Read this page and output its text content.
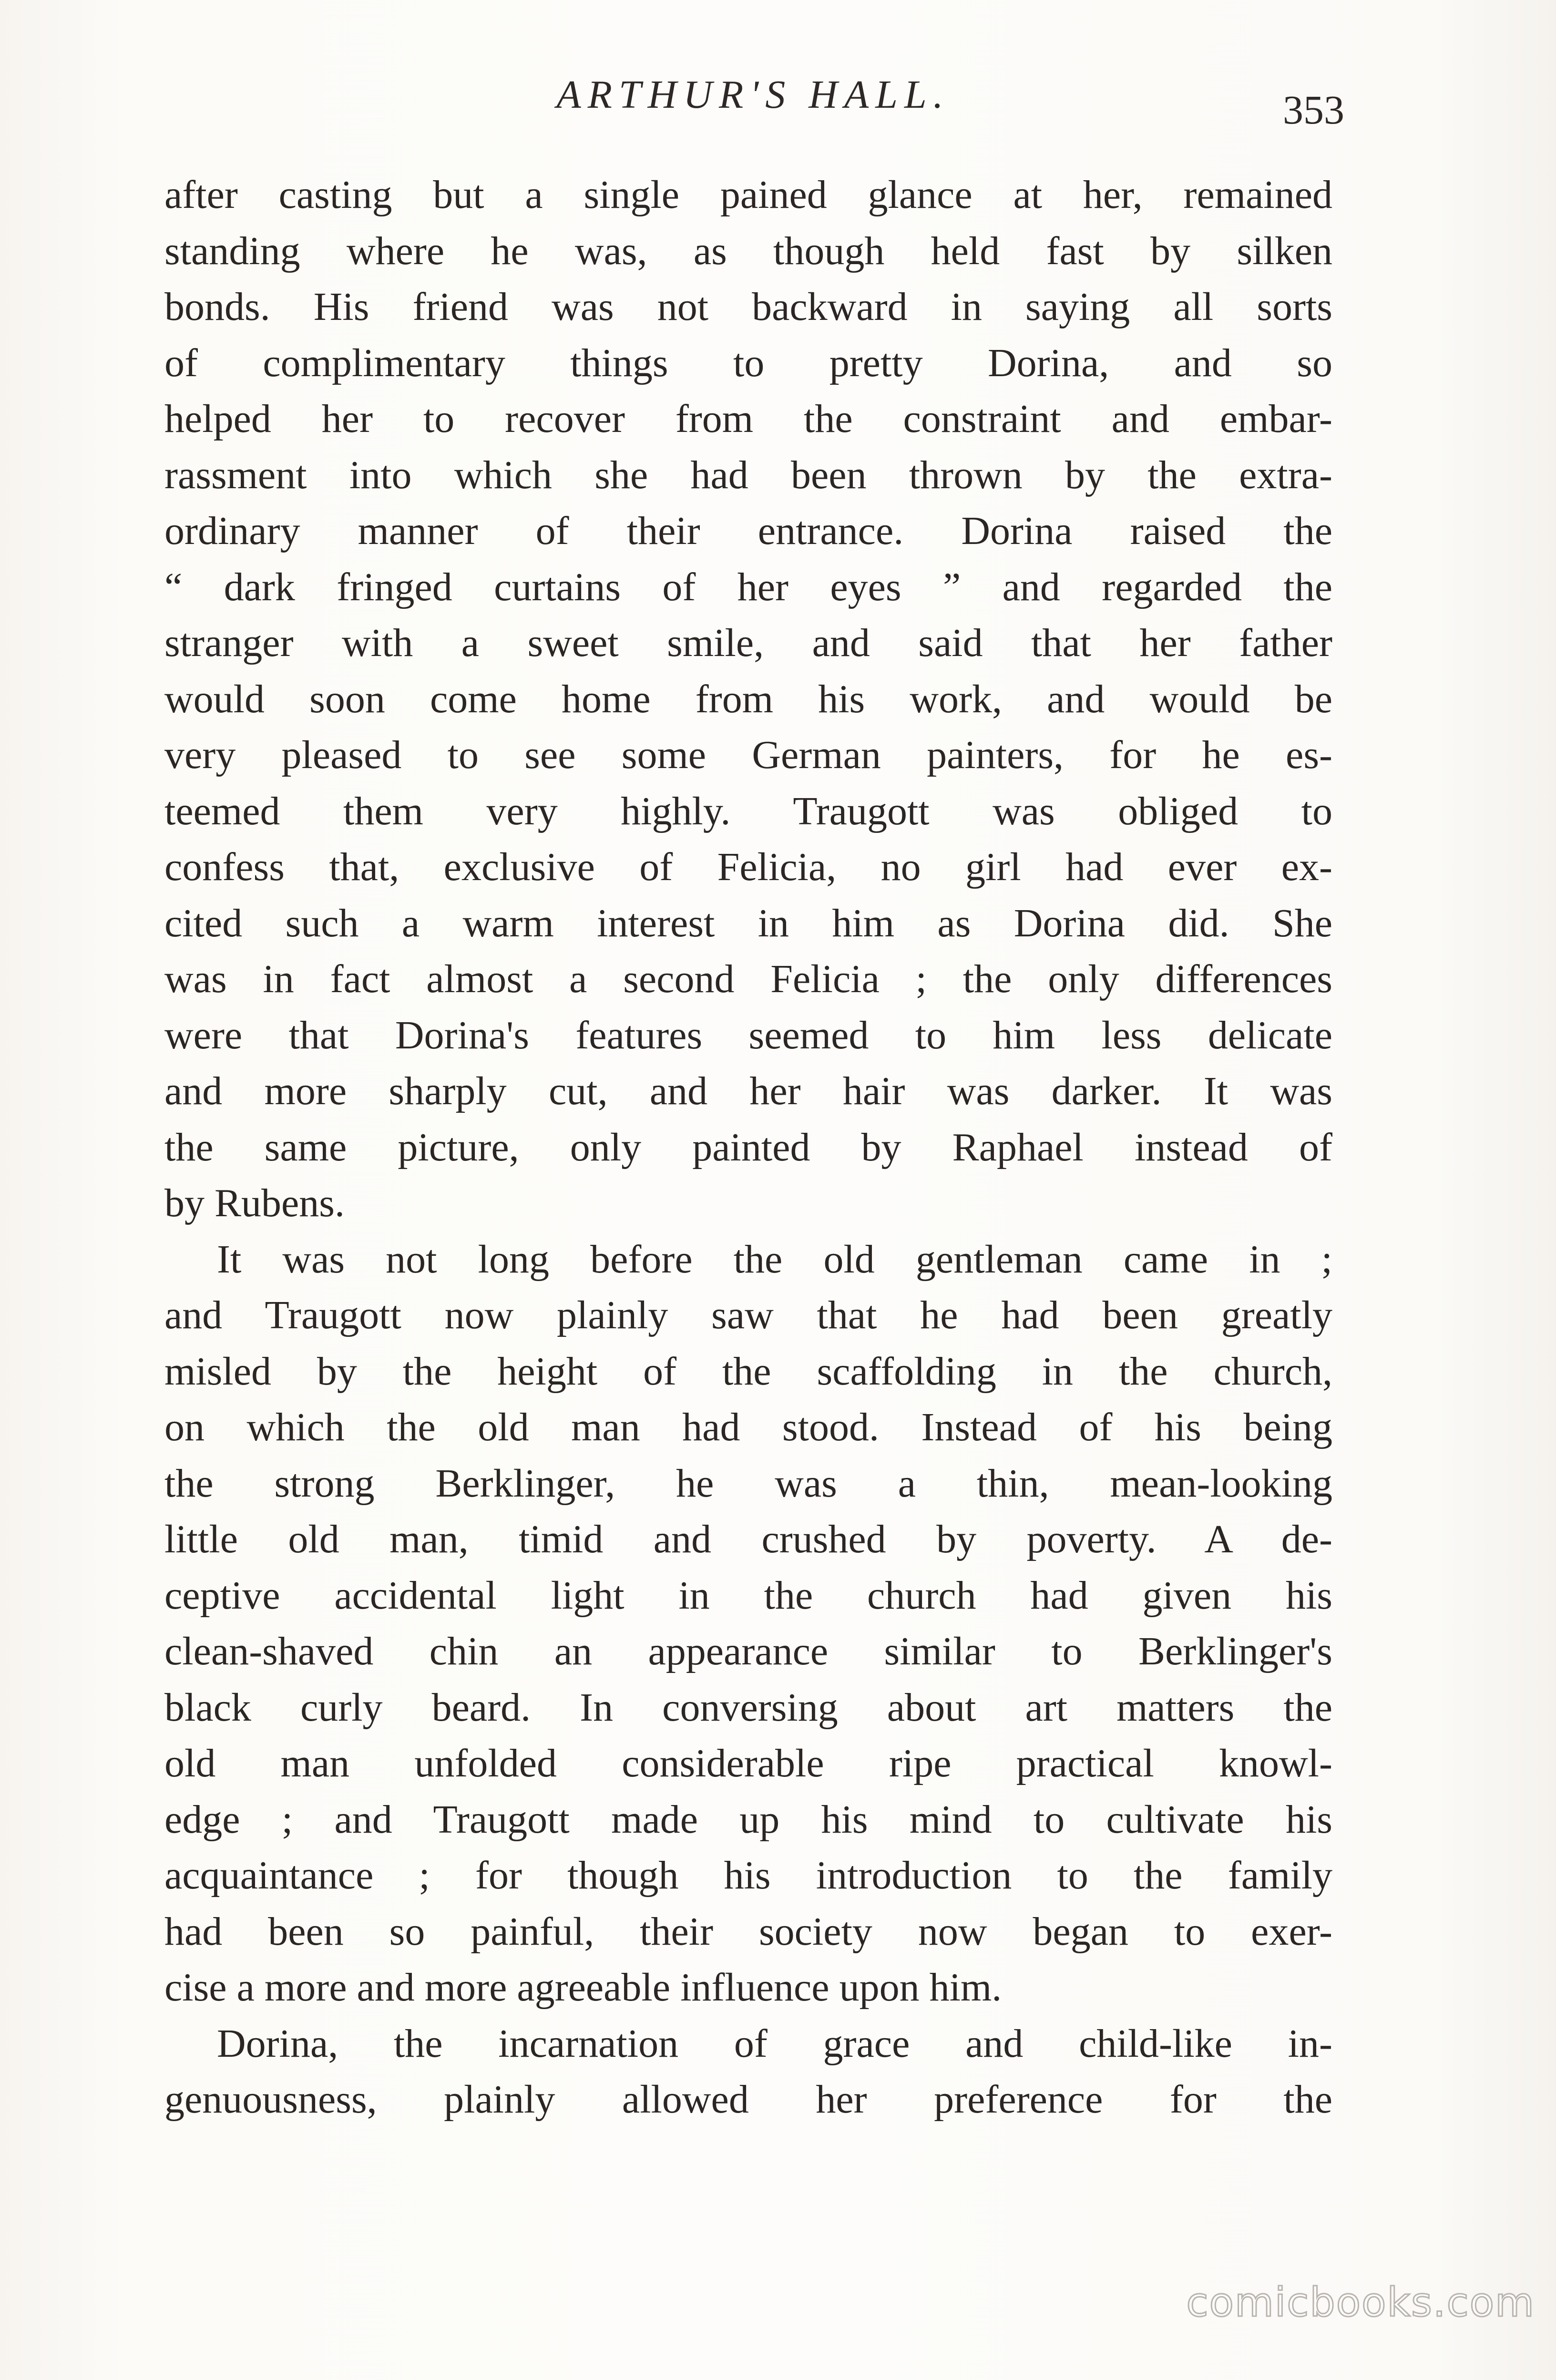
ARTHUR'S HALL.	353

after casting but a single pained glance at her, remained
standing where he was, as though held fast by silken
bonds. His friend was not backward in saying all sorts
of complimentary things to pretty Dorina, and so
helped her to recover from the constraint and embar-
rassment into which she had been thrown by the extra-
ordinary manner of their entrance. Dorina raised the
“ dark fringed curtains of her eyes ” and regarded the
stranger with a sweet smile, and said that her father
would soon come home from his work, and would be
very pleased to see some German painters, for he es-
teemed them very highly. Traugott was obliged to
confess that, exclusive of Felicia, no girl had ever ex-
cited such a warm interest in him as Dorina did. She
was in fact almost a second Felicia ; the only differences
were that Dorina's features seemed to him less delicate
and more sharply cut, and her hair was darker. It was
the same picture, only painted by Raphael instead of
by Rubens.

It was not long before the old gentleman came in ;
and Traugott now plainly saw that he had been greatly
misled by the height of the scaffolding in the church,
on which the old man had stood. Instead of his being
the strong Berklinger, he was a thin, mean-looking
little old man, timid and crushed by poverty. A de-
ceptive accidental light in the church had given his
clean-shaved chin an appearance similar to Berklinger's
black curly beard. In conversing about art matters the
old man unfolded considerable ripe practical knowl-
edge ; and Traugott made up his mind to cultivate his
acquaintance ; for though his introduction to the family
had been so painful, their society now began to exer-
cise a more and more agreeable influence upon him.

Dorina, the incarnation of grace and child-like in-
genuousness, plainly allowed her preference for the

comicbooks.com
